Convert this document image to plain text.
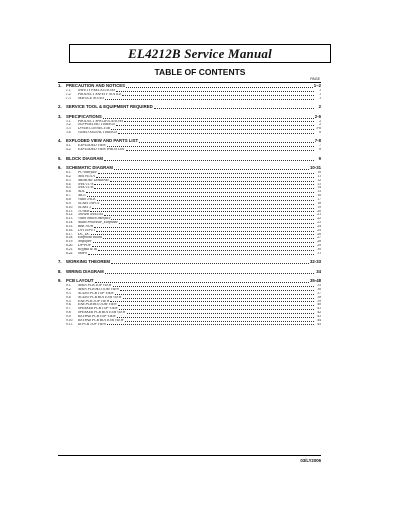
EL4212B Service Manual
TABLE OF CONTENTS
PAGE
1.	PRECAUTION AND NOTICES	1~2
1.1.	SAFETY PRECAUTIONS	1
1.2.	PRODUCT SAFETY NOTICE	1
1.3.	SERVICE NOTES	1
2.	SERVICE TOOL & EQUIPMENT REQUIRED	2
3.	SPECIFICATIONS	2-6
3.1.	PRODUCT SPECIFICATIONS	2
3.2.	SUPPORTING TIMINGS	2
3.3.	D-SUB CONNECTOR	3-6
3.4.	VIDEO SIGNAL TIMINGS	6
4.	EXPLODED VIEW AND PARTS LIST	7-8
4.1.	EXPLODED VIEW	7
4.2.	EXPLODED VIEW PARTS LIST	8
5.	BLOCK DIAGRAM	9
6.	SCHEMATIC DIAGRAM	10-31
6.1.	PC-Interface	10
6.2.	MST9U11A	11
6.3.	MEMORY DDRRAM	12
6.4.	SAA7117A	13
6.5.	SAA7117B	14
6.6.	ADC	15
6.7.	MCU	16
6.8.	Video JACK	17
6.9.	SCART INPUT	18
6.10.	SCART 3	19
6.11.	TUNER	20
6.12.	Teletext SAA5361	21
6.13.	Video Switch Interface	22
6.14.	Audio Processor_Earphone	23
6.15.	BBE NOW	24
6.16.	DVI INPUT	25
6.17.	DC_DC	26
6.18.	Earphone Board	27
6.19.	Amplifier	28
6.20.	DP-POP	29
6.21.	Keypad & IR	30
6.22.	SMPS	31
7.	WORKING THEOREM	32-33
8.	WIRING DIAGRAM	34
9.	PCB LAYOUT	35-48
9.1.	MAIN PCB TOP VIEW	35
9.2.	MAIN PCB BOTTOM VIEW	36
9.3.	AUDIO PCB TOP VIEW	37
9.4.	AUDIO PCB BOTTOM VIEW	38
9.5.	EAR PCB TOP VIEW	39
9.6.	EAR PCB BOTTOM VIEW	40
9.7.	SPEAKER PCB TOP VIEW	41
9.8.	SPEAKER PCB BOTTOM VIEW	42
9.9.	KEYPAD PCB TOP VIEW	43
9.10.	KEYPAD PCB BOTTOM VIEW	44
9.11.	IR PCB TOP VIEW	45
03/LY2006
